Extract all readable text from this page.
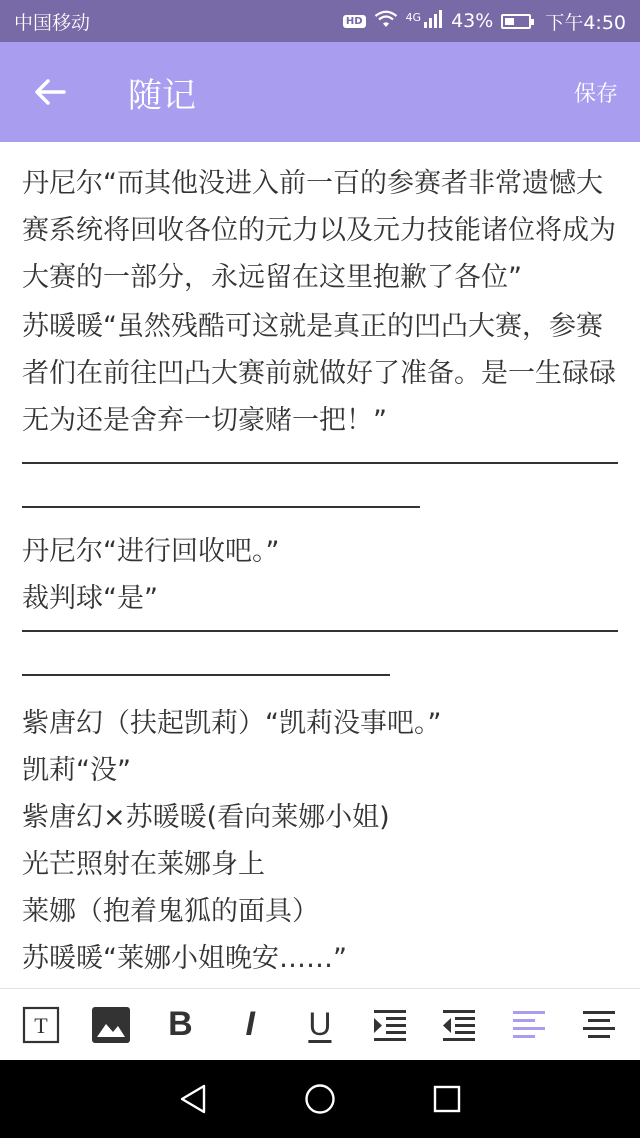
中国移动	HD	4G 43%	下午4:50
随记	保存

丹尼尔“而其他没进入前一百的参赛者非常遗憾大赛系统将回收各位的元力以及元力技能诸位将成为大赛的一部分，永远留在这里抱歉了各位”

苏暖暖“虽然残酷可这就是真正的凹凸大赛，参赛者们在前往凹凸大赛前就做好了准备。是一生碌碌无为还是舍弃一切豪赌一把！”

丹尼尔“进行回收吧。”

裁判球“是”

紫唐幻（扶起凯莉）“凯莉没事吧。”

凯莉“没”

紫唐幻×苏暖暖(看向莱娜小姐)

光芒照射在莱娜身上

莱娜（抱着鬼狐的面具）

苏暖暖“莱娜小姐晚安……”

T	B I U
